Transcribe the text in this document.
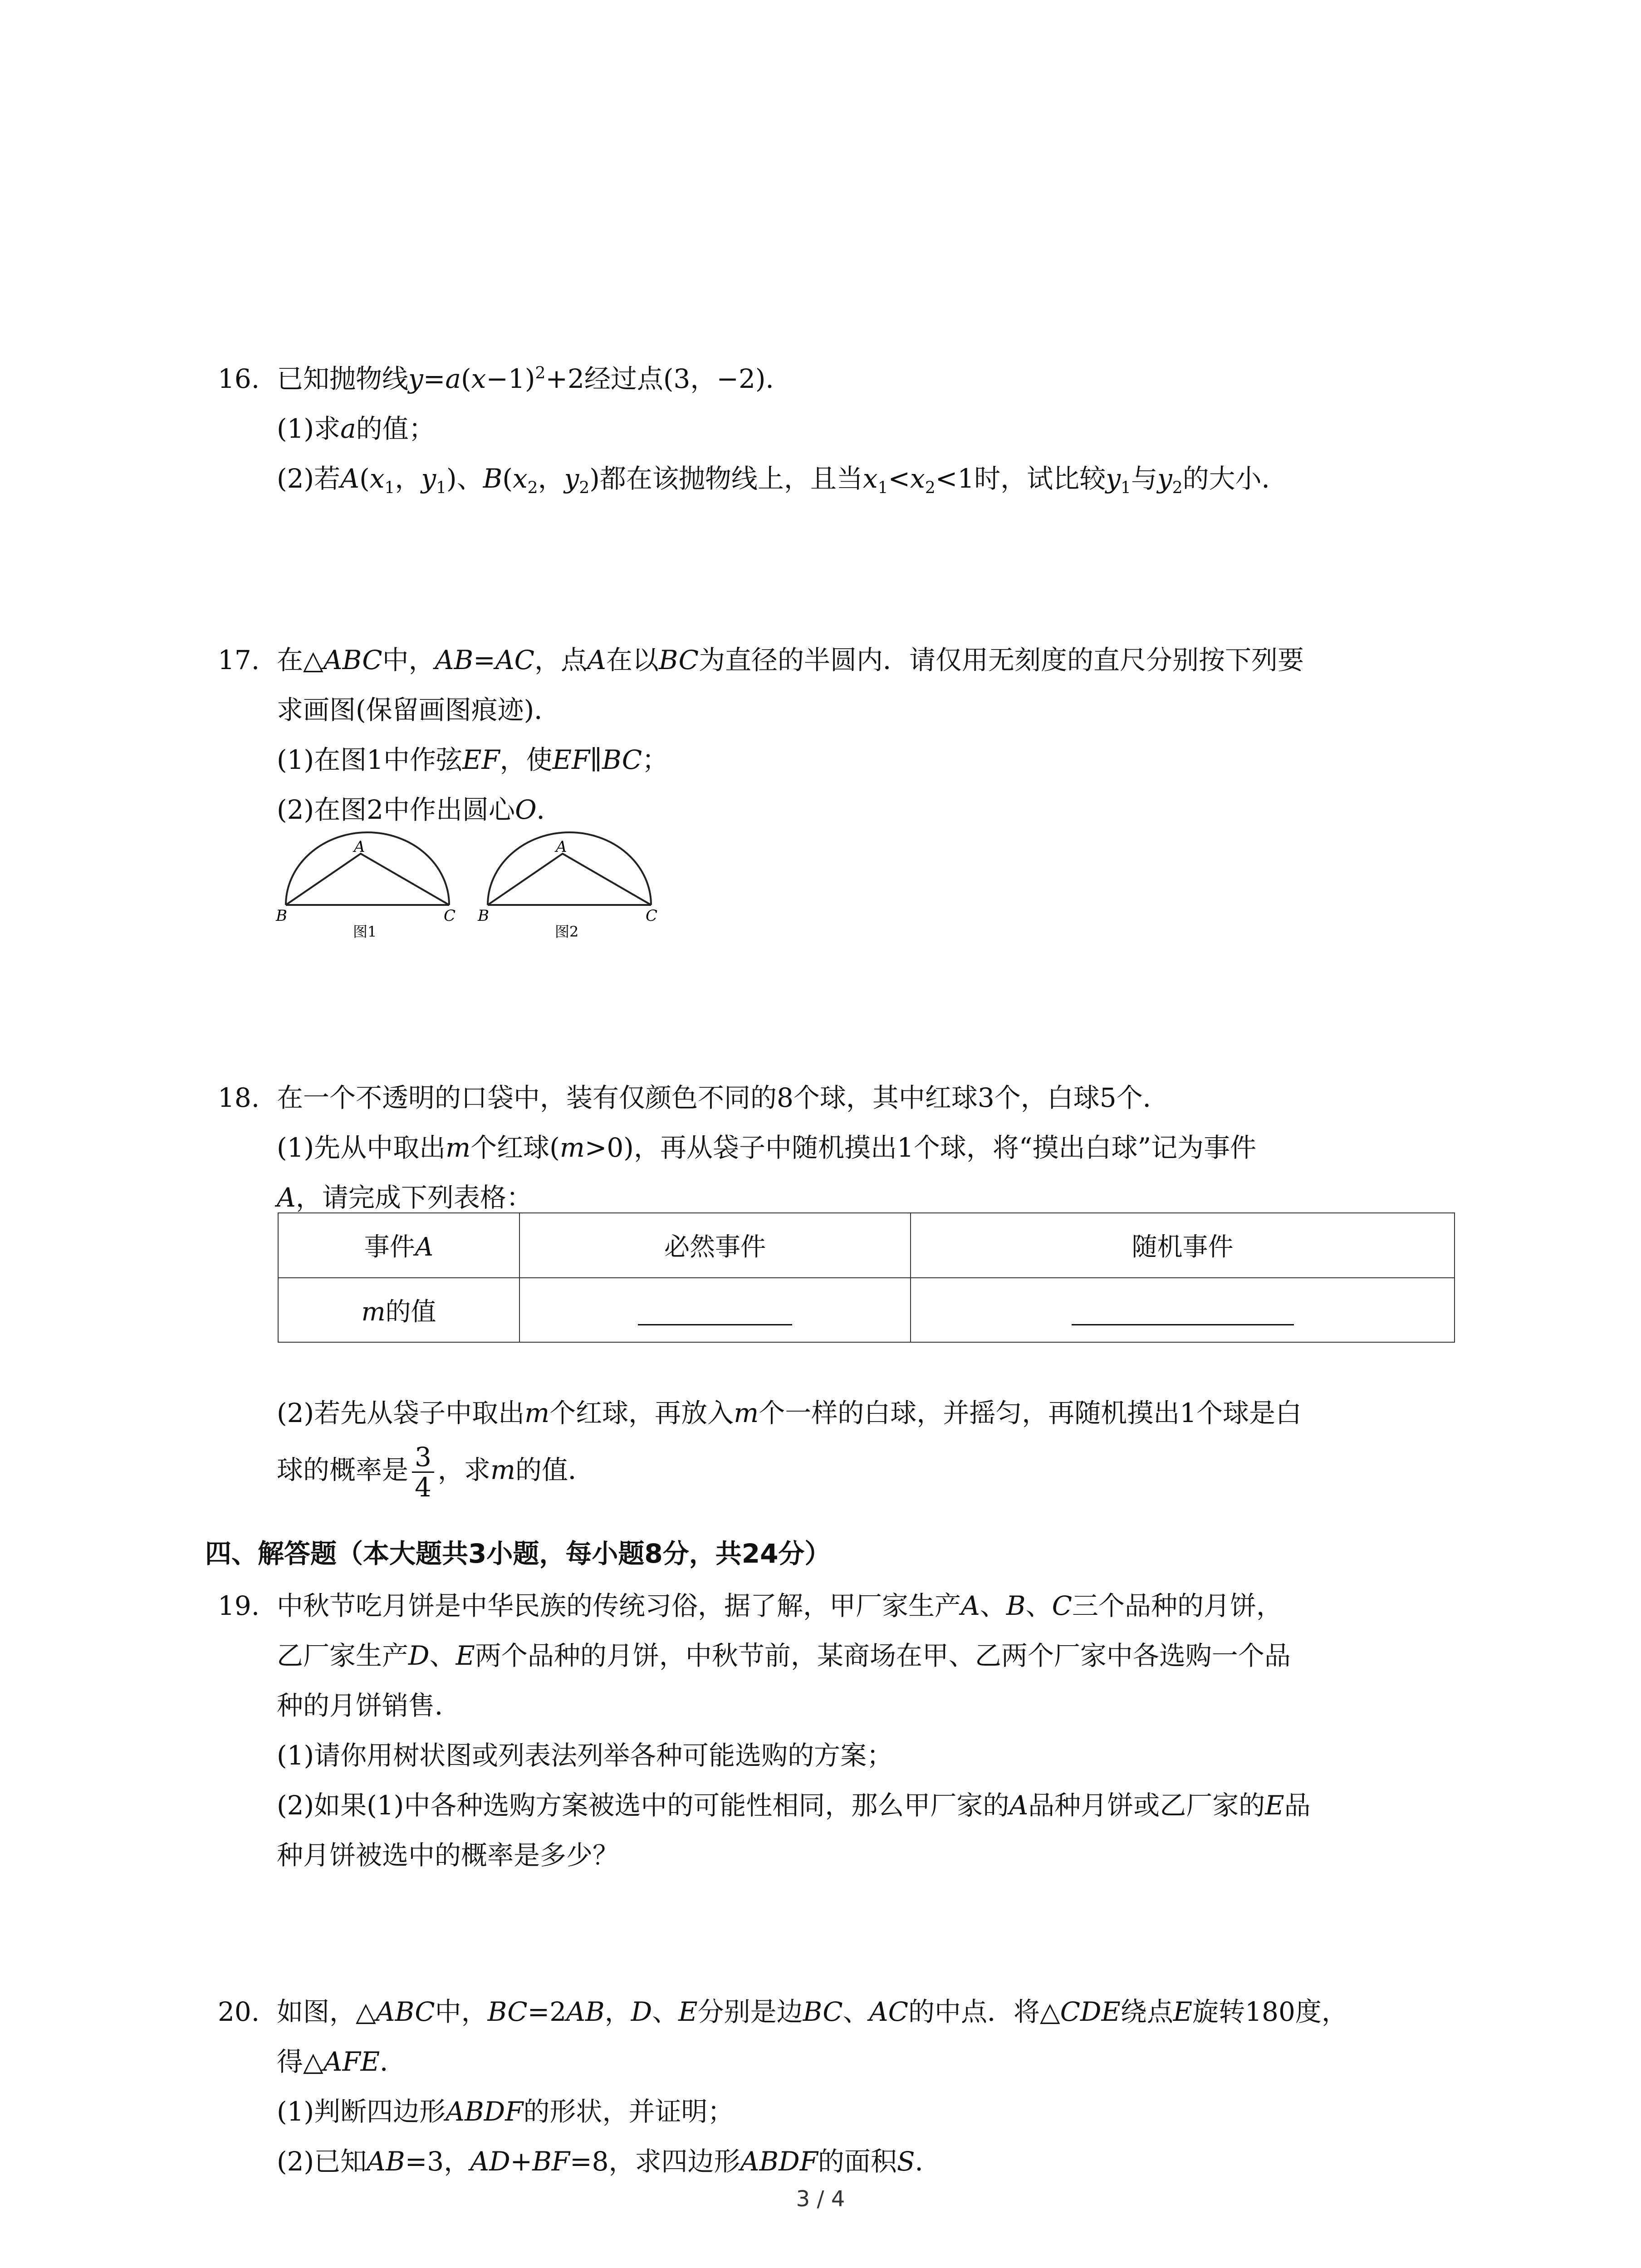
16. 已知抛物线$y=a(x-1)^2+2$经过点(3，−2)．
(1)求a的值；
(2)若$A(x_1$，$y_1$)、$B(x_2$，$y_2$)都在该抛物线上，且当$x_1<x_2<1$时，试比较$y_1$与$y_2$的大小．
17. 在△ABC中，AB=AC，点A在以BC为直径的半圆内．请仅用无刻度的直尺分别按下列要
求画图(保留画图痕迹)．
(1)在图1中作弦EF，使EF∥BC；
(2)在图2中作出圆心O．
A
B	C
图1
A
B	C
图2
18. 在一个不透明的口袋中，装有仅颜色不同的8个球，其中红球3个，白球5个．
(1)先从中取出m个红球(m>0)，再从袋子中随机摸出1个球，将“摸出白球”记为事件
A，请完成下列表格：
事件A	必然事件	随机事件
m的值		
(2)若先从袋子中取出m个红球，再放入m个一样的白球，并摇匀，再随机摸出1个球是白
球的概率是 $\frac{3}{4}$ ，求m的值．
四、解答题（本大题共3小题，每小题8分，共24分）
19. 中秋节吃月饼是中华民族的传统习俗，据了解，甲厂家生产A、B、C三个品种的月饼，
乙厂家生产D、E两个品种的月饼，中秋节前，某商场在甲、乙两个厂家中各选购一个品
种的月饼销售．
(1)请你用树状图或列表法列举各种可能选购的方案；
(2)如果(1)中各种选购方案被选中的可能性相同，那么甲厂家的A品种月饼或乙厂家的E品
种月饼被选中的概率是多少？
20. 如图，△ABC中，BC=2AB，D、E分别是边BC、AC的中点．将△CDE绕点E旋转180度，
得△AFE．
(1)判断四边形ABDF的形状，并证明；
(2)已知AB=3，AD+BF=8，求四边形ABDF的面积S．
3 / 4
